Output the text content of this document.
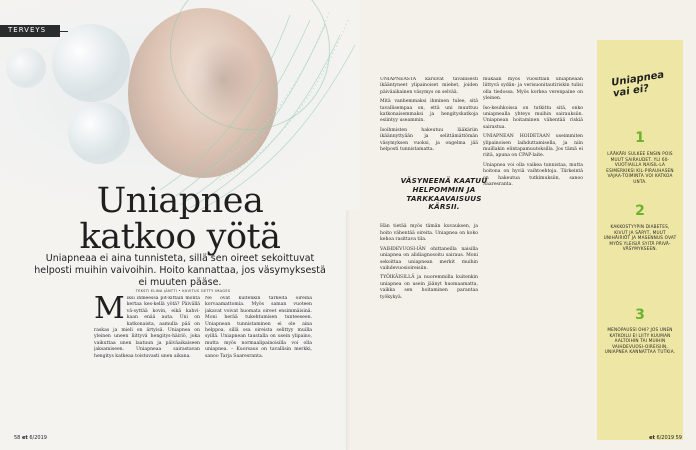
TERVEYS
Uniapnea katkoo yötä
Uniapneaa ei aina tunnisteta, sillä sen oireet sekoittuvat helposti muihin vaivoihin. Hoito kannattaa, jos väsymyksestä ei muuten pääse.
TEKSTI ELINA JÄNTTI • KUVITUS GETTY IMAGES
M iksi ihmeessä pit-kittäin monta kertaa kes-kellä yötä? Päivällä vä-syttää kovin, eikä kahvi-kaan enää auta. Uni on katkonaista, aamulla pää on raskas ja mieli on ärtyisä. Uniapnea on yleinen uneen liittyvä hengitys-häiriö, joka vaikuttaa unen laatuun ja päiväaikaiseen jaksamiseen. Uniapneaa sairastavan hengitys katkeaa toistuvasti unen aikana.

Ne ovat kuitenkin tärkeitä oireina korvaamattomia. Myös saman vuoteen jakavat voivat huomata oireet ensimmäisinä. Moni herää tukehtumisen tunteeseen. Uniapnean tunnistaminen ei ole aina helppoa, sillä osa oireista selittyy muilla syillä. Uniapnean taustalla on usein ylipaino, mutta myös normaalipainoisilla voi olla uniapnea. – Kuorsaus on tavallisin merkki, sanoo Tarja Saaresranta.

UNIAPNEASTA kärsivät tavallisesti ikääntyneet ylipainoiset miehet, joiden päiväaikainen väsymys on selvää.

Mitä vanhemmaksi ihminen tulee, sitä tavallisempaa on, että uni muuttuu katkonaisemmaksi ja hengityskatkoja esiintyy useammin.

Isoihmisten hakeutuu lääkäriin ikäännyttyään ja selittämättömän väsymyksen vuoksi, ja ongelma jää helposti tunnistamatta.

Hän tietää myös tämän kuvauksen, ja hoito vähentää oireita. Uniapnea on koko kehoa rasittava tila.

VAIHDEVUOSI-IÄN ohittaneilla naisilla uniapnea on alidiagnosoitu sairaus. Moni sekoittaa uniapnean merkit muihin vaihdevuosioireisiin.

TYÖIKÄISILLÄ ja nuoremmilla kuitenkin uniapnea on usein jäänyt huomaamatta, vaikka sen hoitaminen parantaa työkykyä.

VÄSYNEENÄ KAATUU HELPOMMIN JA TARKKAAVAISUUS KÄRSII.

mukaan myös vuosittain uniapneaan liittyvä sydän- ja verisuonitautiriskin tulisi olla tiedossa. Myös korkea verenpaine on yleinen.

Iso-keuhkoissa on tutkittu sitä, onko uniapnealla yhteys muihin sairauksiin. Uniapnean hoitaminen vähentää riskiä sairastua.

UNIAPNEAN HOIDETAAN useimmiten ylipainoisen laihduttamisella, ja niin muillakin elintapamuutoksilla. Jos tämä ei riitä, apuna on CPAP-laite.

Uniapnea voi olla vaikea tunnistaa, mutta hoitona on hyviä vaihtoehtoja. Tärkeintä on hakeutua tutkimuksiin, sanoo Saaresranta.

Uniapnea vai ei?
1
LÄÄKÄRI SULKEE ENSIN POIS MUUT SAIRAUDET. YLI 60-VUOTIAILLA NAISIL-LA ESIMERKIKSI KIL-PIRAUHASEN VAJAA-TOIMINTA VOI KATKOA UNTA.
2
KAKKOSTYYPIN DIABETES, KIVUT JA SÄRYT, MUUT UNIHÄIRIÖT JA MASENNUS OVAT MYÖS YLEISIÄ SYITÄ PÄIVÄ-VÄSYMYKSEEN.
3
MENOPAUSSI OHI? JOS UNEN KATKOILU EI LIITY KUUMAN AALTOIHIN TAI MUIHIN VAIHDEVUOSI-OIREISIIN, UNIAPNEA KANNATTAA TUTKIA.
58 et 6/2019	et 6/2019 59
